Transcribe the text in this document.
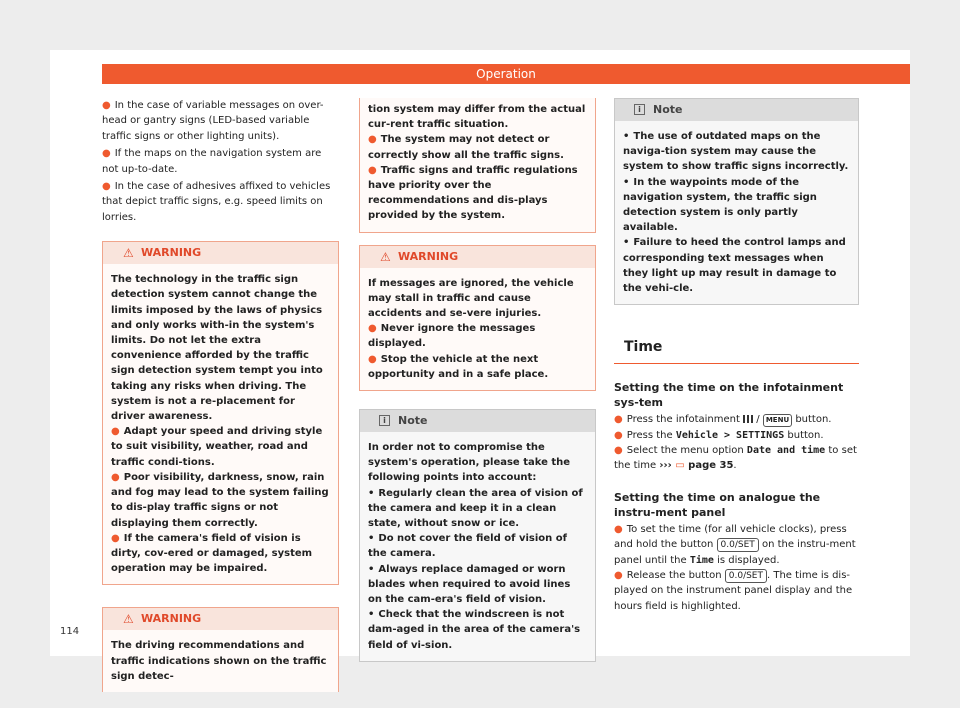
Operation

● In the case of variable messages on over-head or gantry signs (LED-based variable traffic signs or other lighting units).

● If the maps on the navigation system are not up-to-date.

● In the case of adhesives affixed to vehicles that depict traffic signs, e.g. speed limits on lorries.

⚠ WARNING

The technology in the traffic sign detection system cannot change the limits imposed by the laws of physics and only works with-in the system's limits. Do not let the extra convenience afforded by the traffic sign detection system tempt you into taking any risks when driving. The system is not a re-placement for driver awareness.

● Adapt your speed and driving style to suit visibility, weather, road and traffic condi-tions.

● Poor visibility, darkness, snow, rain and fog may lead to the system failing to dis-play traffic signs or not displaying them correctly.

● If the camera's field of vision is dirty, cov-ered or damaged, system operation may be impaired.

⚠ WARNING

The driving recommendations and traffic indications shown on the traffic sign detec-

tion system may differ from the actual cur-rent traffic situation.

● The system may not detect or correctly show all the traffic signs.

● Traffic signs and traffic regulations have priority over the recommendations and dis-plays provided by the system.

⚠ WARNING

If messages are ignored, the vehicle may stall in traffic and cause accidents and se-vere injuries.

● Never ignore the messages displayed.

● Stop the vehicle at the next opportunity and in a safe place.

i	Note

In order not to compromise the system's operation, please take the following points into account:

• Regularly clean the area of vision of the camera and keep it in a clean state, without snow or ice.

• Do not cover the field of vision of the camera.

• Always replace damaged or worn blades when required to avoid lines on the cam-era's field of vision.

• Check that the windscreen is not dam-aged in the area of the camera's field of vi-sion.

i	Note

• The use of outdated maps on the naviga-tion system may cause the system to show traffic signs incorrectly.

• In the waypoints mode of the navigation system, the traffic sign detection system is only partly available.

• Failure to heed the control lamps and corresponding text messages when they light up may result in damage to the vehi-cle.

Time
Setting the time on the infotainment sys-tem

● Press the infotainment / MENU button.

● Press the Vehicle > SETTINGS button.

● Select the menu option Date and time to set the time ››› ▭ page 35.

Setting the time on analogue the instru-ment panel

● To set the time (for all vehicle clocks), press and hold the button 0.0/SET on the instru-ment panel until the Time is displayed.

● Release the button 0.0/SET . The time is dis-played on the instrument panel display and the hours field is highlighted.

114
